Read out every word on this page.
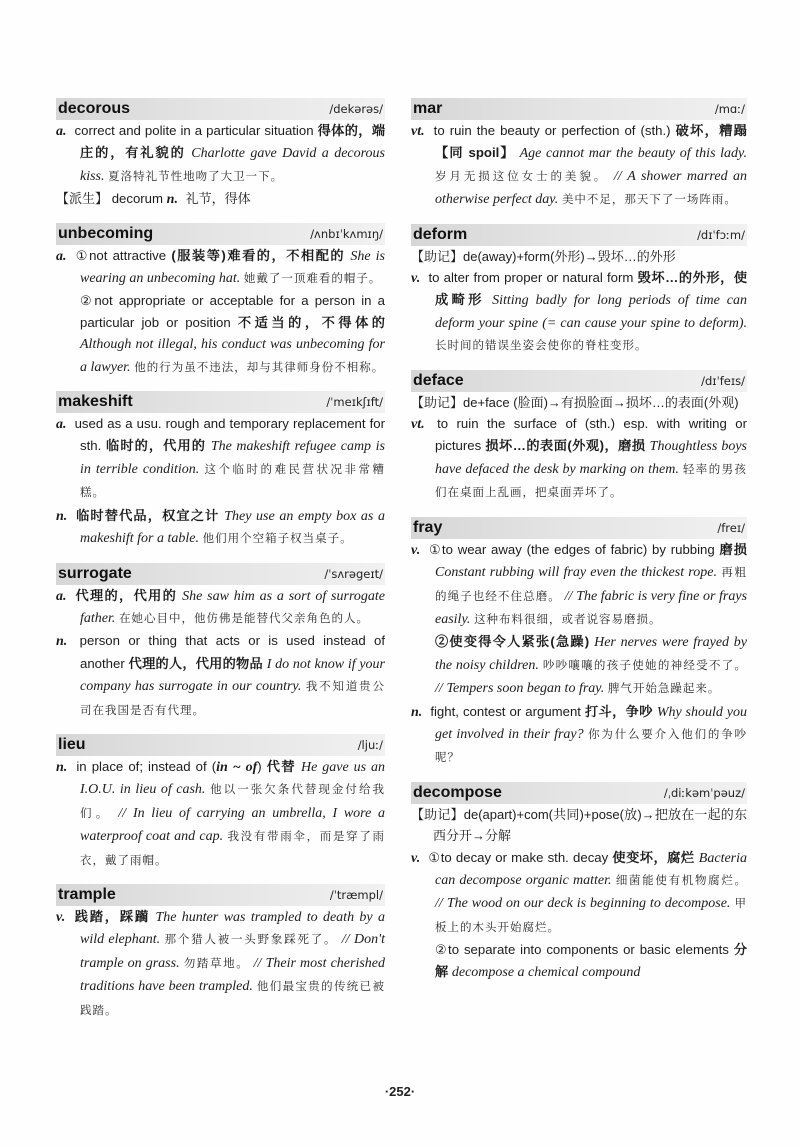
decorous	/dekərəs/

a. correct and polite in a particular situation 得体的，端庄的，有礼貌的 Charlotte gave David a decorous kiss. 夏洛特礼节性地吻了大卫一下。

【派生】 decorum n. 礼节，得体

unbecoming	/ʌnbɪˈkʌmɪŋ/

a. ①not attractive (服装等)难看的，不相配的 She is wearing an unbecoming hat. 她戴了一顶难看的帽子。

②not appropriate or acceptable for a person in a particular job or position 不适当的，不得体的 Although not illegal, his conduct was unbecoming for a lawyer. 他的行为虽不违法，却与其律师身份不相称。

makeshift	/ˈmeɪkʃɪft/

a. used as a usu. rough and temporary replacement for sth. 临时的，代用的 The makeshift refugee camp is in terrible condition. 这个临时的难民营状况非常糟糕。

n. 临时替代品，权宜之计 They use an empty box as a makeshift for a table. 他们用个空箱子权当桌子。

surrogate	/ˈsʌrəgeɪt/

a. 代理的，代用的 She saw him as a sort of surrogate father. 在她心目中，他仿佛是能替代父亲角色的人。

n. person or thing that acts or is used instead of another 代理的人，代用的物品 I do not know if your company has surrogate in our country. 我不知道贵公司在我国是否有代理。

lieu	/ljuː/

n. in place of; instead of (in ~ of) 代替 He gave us an I.O.U. in lieu of cash. 他以一张欠条代替现金付给我们。 // In lieu of carrying an umbrella, I wore a waterproof coat and cap. 我没有带雨伞，而是穿了雨衣，戴了雨帽。

trample	/ˈtræmpl/

v. 践踏，踩躏 The hunter was trampled to death by a wild elephant. 那个猎人被一头野象踩死了。 // Don't trample on grass. 勿踏草地。 // Their most cherished traditions have been trampled. 他们最宝贵的传统已被践踏。

mar	/mɑː/

vt. to ruin the beauty or perfection of (sth.) 破坏，糟蹋【同 spoil】 Age cannot mar the beauty of this lady. 岁月无损这位女士的美貌。 // A shower marred an otherwise perfect day. 美中不足，那天下了一场阵雨。

deform	/dɪˈfɔːm/

【助记】de(away)+form(外形)→毁坏…的外形

v. to alter from proper or natural form 毁坏…的外形，使成畸形 Sitting badly for long periods of time can deform your spine (= can cause your spine to deform). 长时间的错误坐姿会使你的脊柱变形。

deface	/dɪˈfeɪs/

【助记】de+face (脸面)→有损脸面→损坏…的表面(外观)

vt. to ruin the surface of (sth.) esp. with writing or pictures 损坏…的表面(外观)，磨损 Thoughtless boys have defaced the desk by marking on them. 轻率的男孩们在桌面上乱画，把桌面弄坏了。

fray	/freɪ/

v. ①to wear away (the edges of fabric) by rubbing 磨损 Constant rubbing will fray even the thickest rope. 再粗的绳子也经不住总磨。 // The fabric is very fine or frays easily. 这种布料很细，或者说容易磨损。

②使变得令人紧张(急躁) Her nerves were frayed by the noisy children. 吵吵嚷嚷的孩子使她的神经受不了。 // Tempers soon began to fray. 脾气开始急躁起来。

n. fight, contest or argument 打斗，争吵 Why should you get involved in their fray? 你为什么要介入他们的争吵呢？

decompose	/ˌdiːkəmˈpəuz/

【助记】de(apart)+com(共同)+pose(放)→把放在一起的东西分开→分解

v. ①to decay or make sth. decay 使变坏，腐烂 Bacteria can decompose organic matter. 细菌能使有机物腐烂。 // The wood on our deck is beginning to decompose. 甲板上的木头开始腐烂。

②to separate into components or basic elements 分解 decompose a chemical compound

·252·
